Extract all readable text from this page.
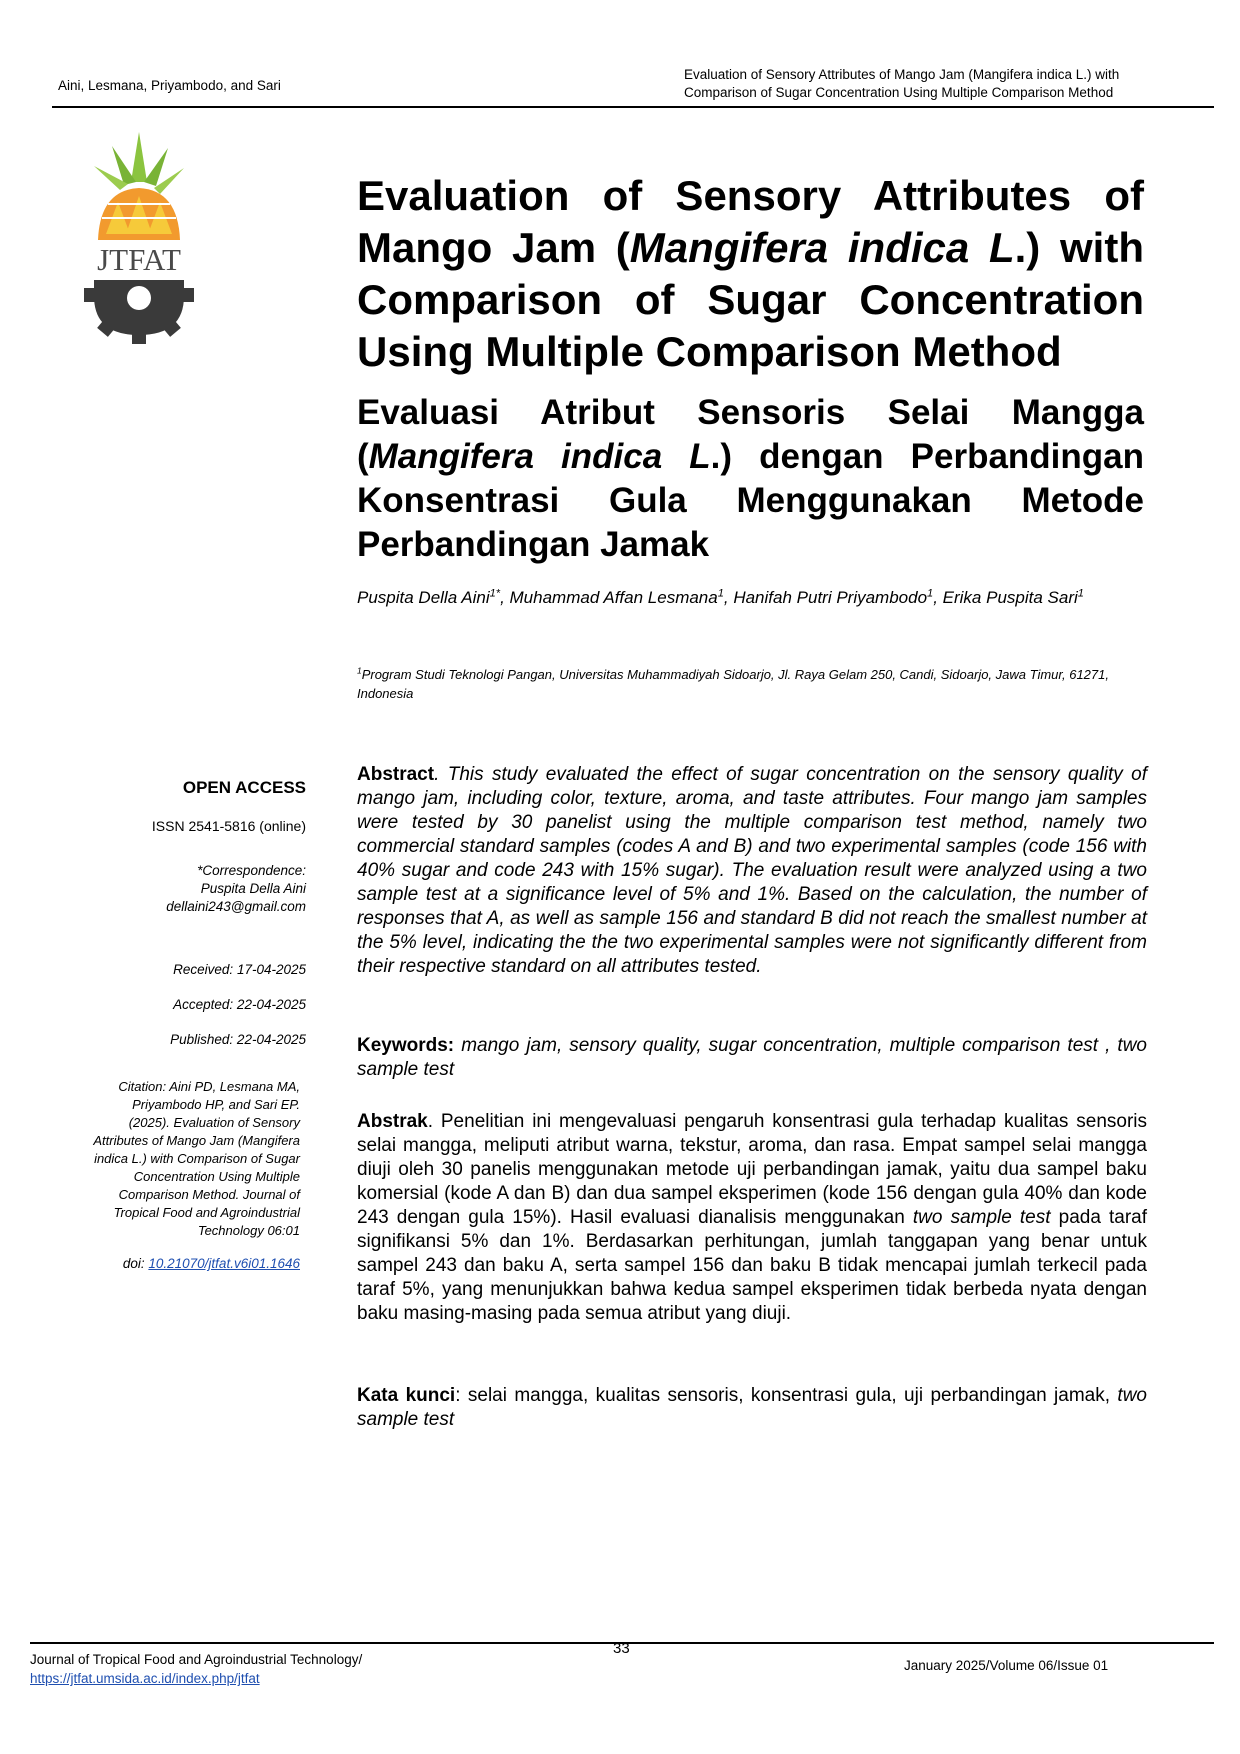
Aini, Lesmana, Priyambodo, and Sari
Evaluation of Sensory Attributes of Mango Jam (Mangifera indica L.) with Comparison of Sugar Concentration Using Multiple Comparison Method
JTFAT
Evaluation of Sensory Attributes of Mango Jam (Mangifera indica L.) with Comparison of Sugar Concentration Using Multiple Comparison Method
Evaluasi Atribut Sensoris Selai Mangga (Mangifera indica L.) dengan Perbandingan Konsentrasi Gula Menggunakan Metode Perbandingan Jamak
Puspita Della Aini$^{1*}$, Muhammad Affan Lesmana$^1$, Hanifah Putri Priyambodo$^1$, Erika Puspita Sari$^1$
$^1$Program Studi Teknologi Pangan, Universitas Muhammadiyah Sidoarjo, Jl. Raya Gelam 250, Candi, Sidoarjo, Jawa Timur, 61271, Indonesia
OPEN ACCESS
ISSN 2541-5816 (online)
*Correspondence:
Puspita Della Aini
dellaini243@gmail.com
Received: 17-04-2025
Accepted: 22-04-2025
Published: 22-04-2025
Citation: Aini PD, Lesmana MA, Priyambodo HP, and Sari EP. (2025). Evaluation of Sensory Attributes of Mango Jam (Mangifera indica L.) with Comparison of Sugar Concentration Using Multiple Comparison Method. Journal of Tropical Food and Agroindustrial Technology 06:01
doi: 10.21070/jtfat.v6i01.1646
Abstract. This study evaluated the effect of sugar concentration on the sensory quality of mango jam, including color, texture, aroma, and taste attributes. Four mango jam samples were tested by 30 panelist using the multiple comparison test method, namely two commercial standard samples (codes A and B) and two experimental samples (code 156 with 40% sugar and code 243 with 15% sugar). The evaluation result were analyzed using a two sample test at a significance level of 5% and 1%. Based on the calculation, the number of responses that A, as well as sample 156 and standard B did not reach the smallest number at the 5% level, indicating the the two experimental samples were not significantly different from their respective standard on all attributes tested.
Keywords: mango jam, sensory quality, sugar concentration, multiple comparison test , two sample test
Abstrak. Penelitian ini mengevaluasi pengaruh konsentrasi gula terhadap kualitas sensoris selai mangga, meliputi atribut warna, tekstur, aroma, dan rasa. Empat sampel selai mangga diuji oleh 30 panelis menggunakan metode uji perbandingan jamak, yaitu dua sampel baku komersial (kode A dan B) dan dua sampel eksperimen (kode 156 dengan gula 40% dan kode 243 dengan gula 15%). Hasil evaluasi dianalisis menggunakan two sample test pada taraf signifikansi 5% dan 1%. Berdasarkan perhitungan, jumlah tanggapan yang benar untuk sampel 243 dan baku A, serta sampel 156 dan baku B tidak mencapai jumlah terkecil pada taraf 5%, yang menunjukkan bahwa kedua sampel eksperimen tidak berbeda nyata dengan baku masing-masing pada semua atribut yang diuji.
Kata kunci: selai mangga, kualitas sensoris, konsentrasi gula, uji perbandingan jamak, two sample test
Journal of Tropical Food and Agroindustrial Technology/
https://jtfat.umsida.ac.id/index.php/jtfat
33
January 2025/Volume 06/Issue 01
